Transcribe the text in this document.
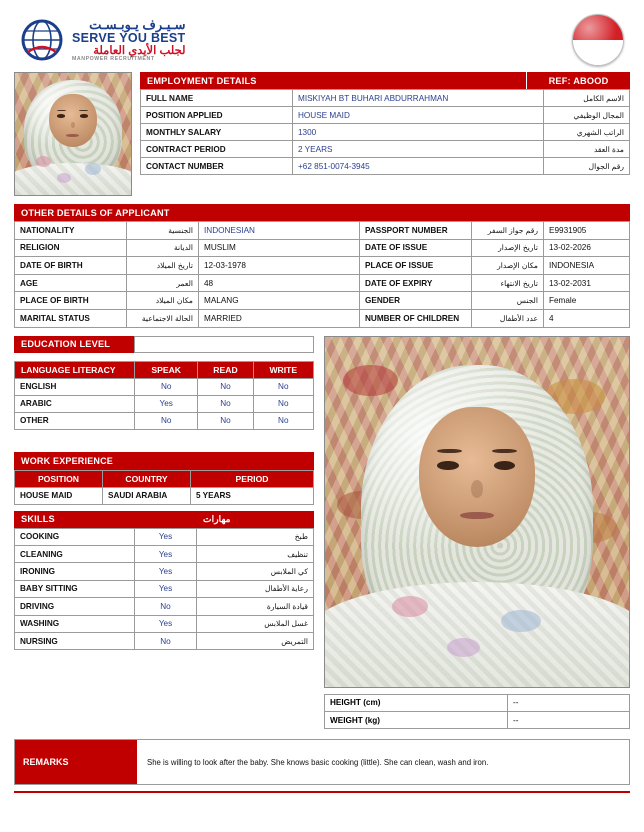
سـيـرف يـوبـسـت
SERVE YOU BEST
لجلب الأيدي العاملة
MANPOWER RECRUITMENT
EMPLOYMENT DETAILS	REF: ABOOD
FULL NAME	MISKIYAH BT BUHARI ABDURRAHMAN	الاسم الكامل
POSITION APPLIED	HOUSE MAID	المجال الوظيفي
MONTHLY SALARY	1300	الراتب الشهري
CONTRACT PERIOD	2 YEARS	مدة العقد
CONTACT NUMBER	+62 851-0074-3945	رقم الجوال
OTHER DETAILS OF APPLICANT
NATIONALITY	الجنسية	INDONESIAN	PASSPORT NUMBER	رقم جواز السفر	E9931905
RELIGION	الديانة	MUSLIM	DATE OF ISSUE	تاريخ الإصدار	13-02-2026
DATE OF BIRTH	تاريخ الميلاد	12-03-1978	PLACE OF ISSUE	مكان الإصدار	INDONESIA
AGE	العمر	48	DATE OF EXPIRY	تاريخ الانتهاء	13-02-2031
PLACE OF BIRTH	مكان الميلاد	MALANG	GENDER	الجنس	Female
MARITAL STATUS	الحالة الاجتماعية	MARRIED	NUMBER OF CHILDREN	عدد الأطفال	4
EDUCATION LEVEL
LANGUAGE LITERACY	SPEAK	READ	WRITE
ENGLISH	No	No	No
ARABIC	Yes	No	No
OTHER	No	No	No
WORK EXPERIENCE
POSITION	COUNTRY	PERIOD
HOUSE MAID	SAUDI ARABIA	5 YEARS
SKILLS	مهارات
COOKING	Yes	طبخ
CLEANING	Yes	تنظيف
IRONING	Yes	كي الملابس
BABY SITTING	Yes	رعاية الأطفال
DRIVING	No	قيادة السيارة
WASHING	Yes	غسل الملابس
NURSING	No	التمريض
HEIGHT (cm)	--
WEIGHT (kg)	--
REMARKS	She is willing to look after the baby. She knows basic cooking (little). She can clean, wash and iron.
